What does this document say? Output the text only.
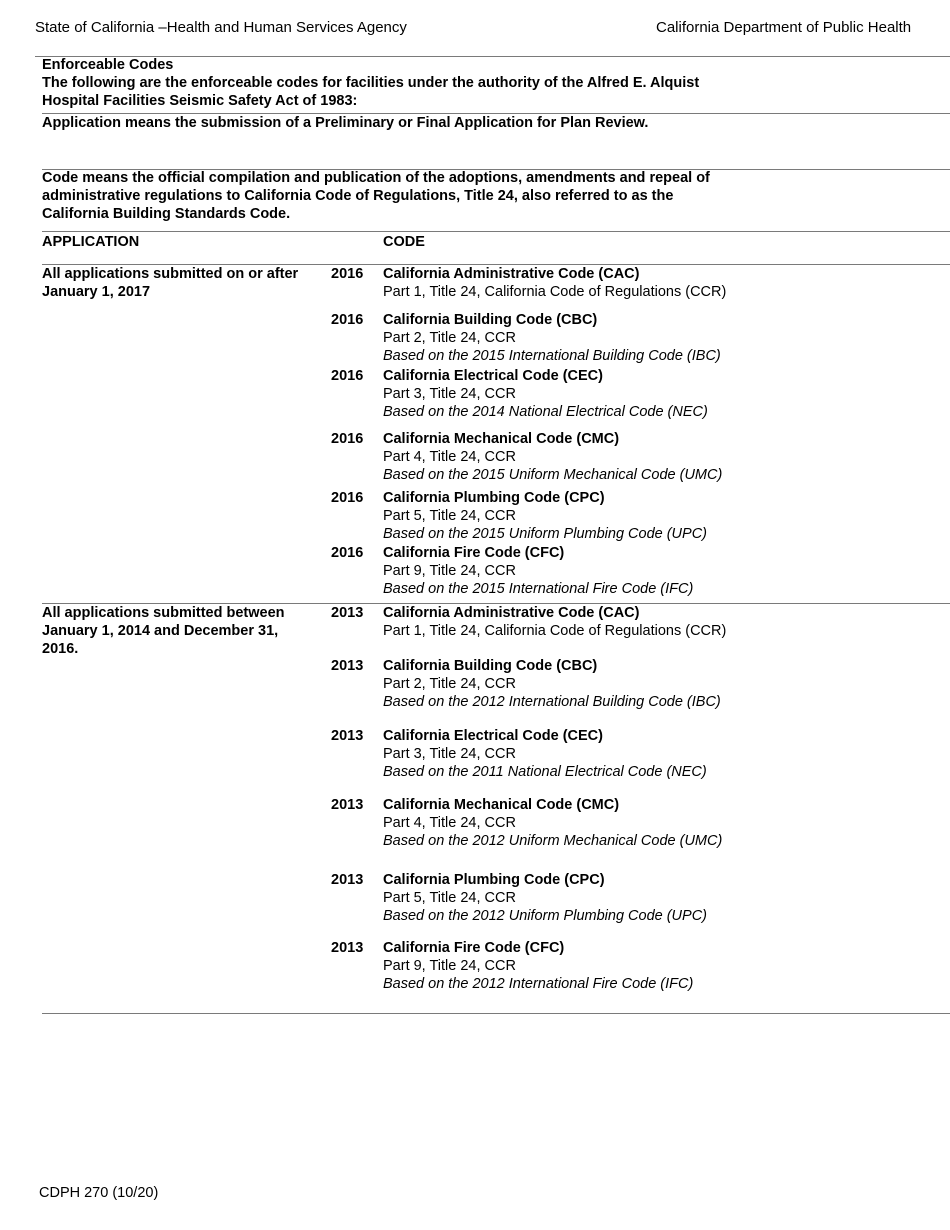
State of California –Health and Human Services Agency	California Department of Public Health
Enforceable Codes
The following are the enforceable codes for facilities under the authority of the Alfred E. Alquist
Hospital Facilities Seismic Safety Act of 1983:
Application means the submission of a Preliminary or Final Application for Plan Review.
Code means the official compilation and publication of the adoptions, amendments and repeal of
administrative regulations to California Code of Regulations, Title 24, also referred to as the
California Building Standards Code.
APPLICATION	CODE
All applications submitted on or after
January 1, 2017
2016 California Administrative Code (CAC)
Part 1, Title 24, California Code of Regulations (CCR)
2016 California Building Code (CBC)
Part 2, Title 24, CCR
Based on the 2015 International Building Code (IBC)
2016 California Electrical Code (CEC)
Part 3, Title 24, CCR
Based on the 2014 National Electrical Code (NEC)
2016 California Mechanical Code (CMC)
Part 4, Title 24, CCR
Based on the 2015 Uniform Mechanical Code (UMC)
2016 California Plumbing Code (CPC)
Part 5, Title 24, CCR
Based on the 2015 Uniform Plumbing Code (UPC)
2016 California Fire Code (CFC)
Part 9, Title 24, CCR
Based on the 2015 International Fire Code (IFC)
All applications submitted between
January 1, 2014 and December 31,
2016.
2013 California Administrative Code (CAC)
Part 1, Title 24, California Code of Regulations (CCR)
2013 California Building Code (CBC)
Part 2, Title 24, CCR
Based on the 2012 International Building Code (IBC)
2013 California Electrical Code (CEC)
Part 3, Title 24, CCR
Based on the 2011 National Electrical Code (NEC)
2013 California Mechanical Code (CMC)
Part 4, Title 24, CCR
Based on the 2012 Uniform Mechanical Code (UMC)
2013 California Plumbing Code (CPC)
Part 5, Title 24, CCR
Based on the 2012 Uniform Plumbing Code (UPC)
2013 California Fire Code (CFC)
Part 9, Title 24, CCR
Based on the 2012 International Fire Code (IFC)
CDPH 270 (10/20)
